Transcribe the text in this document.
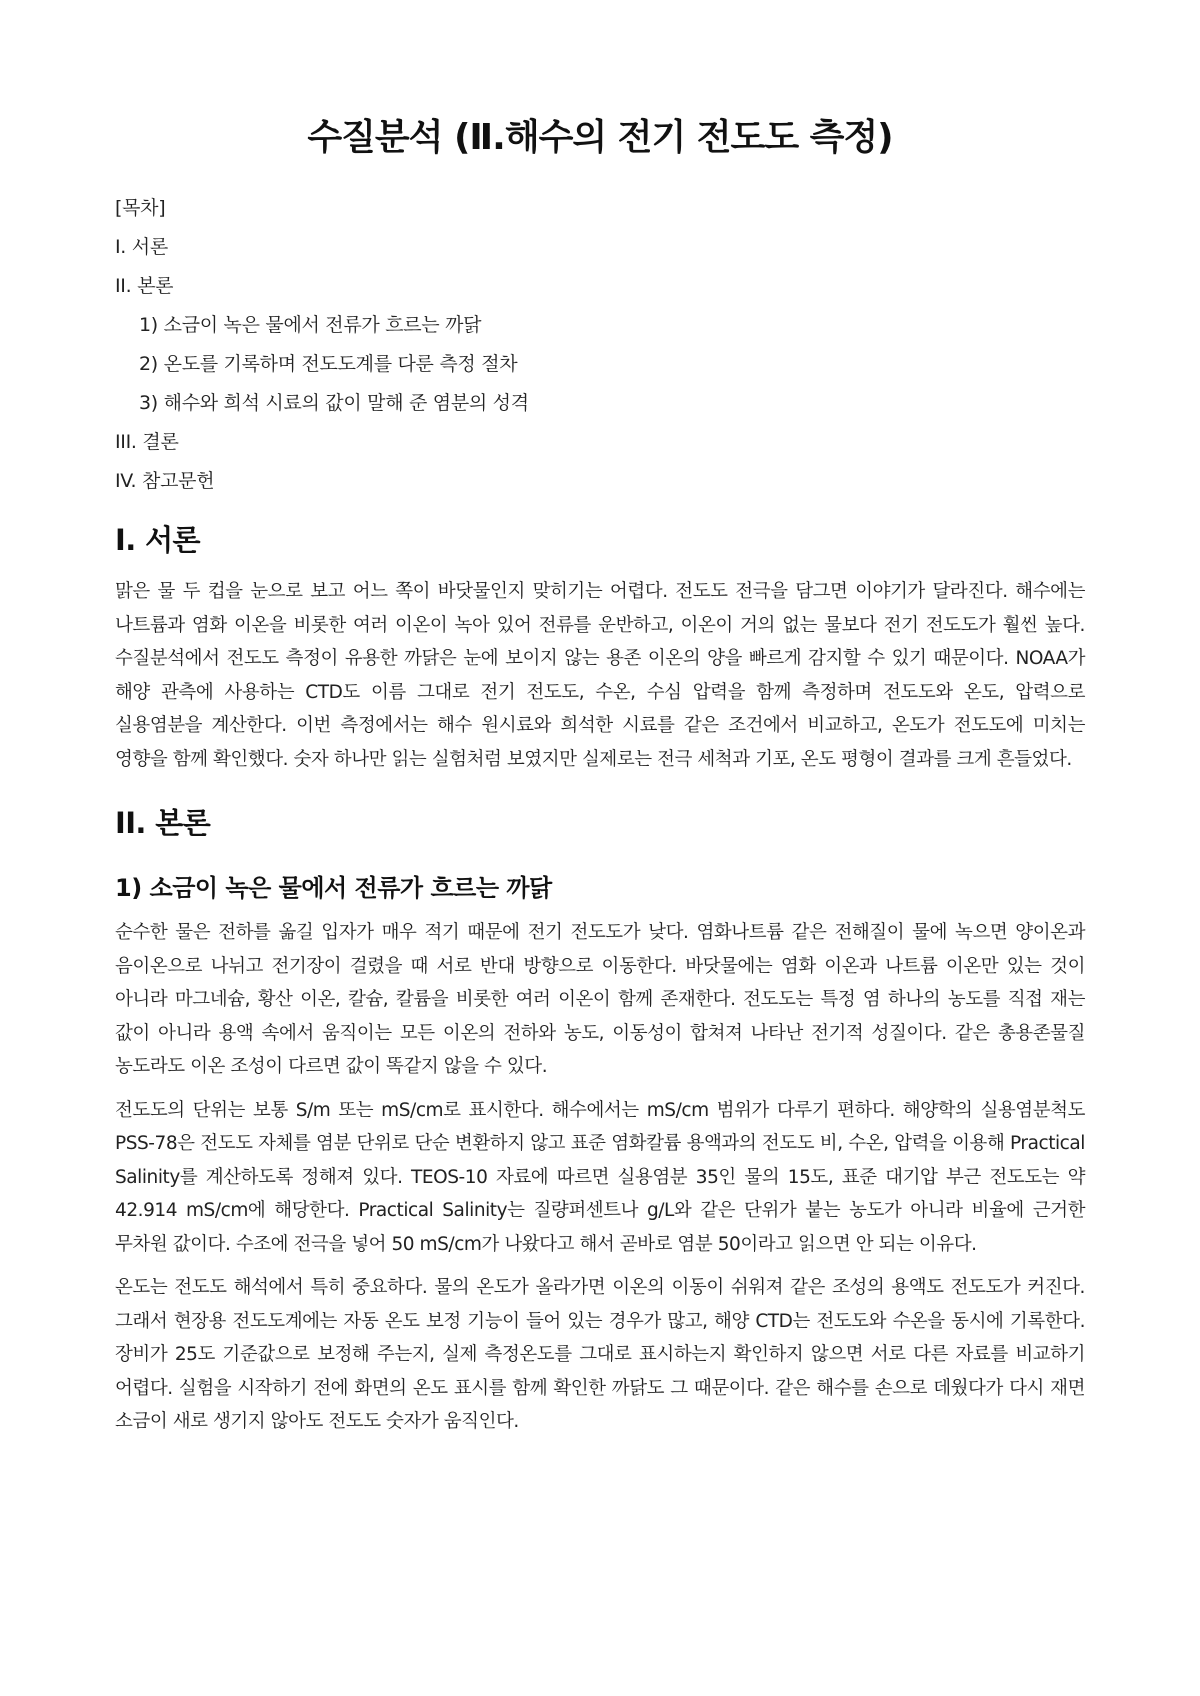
수질분석 (Ⅱ.해수의 전기 전도도 측정)
[목차]
I. 서론
II. 본론
1) 소금이 녹은 물에서 전류가 흐르는 까닭
2) 온도를 기록하며 전도도계를 다룬 측정 절차
3) 해수와 희석 시료의 값이 말해 준 염분의 성격
III. 결론
IV. 참고문헌
I. 서론

맑은 물 두 컵을 눈으로 보고 어느 쪽이 바닷물인지 맞히기는 어렵다. 전도도 전극을 담그면 이야기가 달라진다. 해수에는 나트륨과 염화 이온을 비롯한 여러 이온이 녹아 있어 전류를 운반하고, 이온이 거의 없는 물보다 전기 전도도가 훨씬 높다. 수질분석에서 전도도 측정이 유용한 까닭은 눈에 보이지 않는 용존 이온의 양을 빠르게 감지할 수 있기 때문이다. NOAA가 해양 관측에 사용하는 CTD도 이름 그대로 전기 전도도, 수온, 수심 압력을 함께 측정하며 전도도와 온도, 압력으로 실용염분을 계산한다. 이번 측정에서는 해수 원시료와 희석한 시료를 같은 조건에서 비교하고, 온도가 전도도에 미치는 영향을 함께 확인했다. 숫자 하나만 읽는 실험처럼 보였지만 실제로는 전극 세척과 기포, 온도 평형이 결과를 크게 흔들었다.

II. 본론
1) 소금이 녹은 물에서 전류가 흐르는 까닭

순수한 물은 전하를 옮길 입자가 매우 적기 때문에 전기 전도도가 낮다. 염화나트륨 같은 전해질이 물에 녹으면 양이온과 음이온으로 나뉘고 전기장이 걸렸을 때 서로 반대 방향으로 이동한다. 바닷물에는 염화 이온과 나트륨 이온만 있는 것이 아니라 마그네슘, 황산 이온, 칼슘, 칼륨을 비롯한 여러 이온이 함께 존재한다. 전도도는 특정 염 하나의 농도를 직접 재는 값이 아니라 용액 속에서 움직이는 모든 이온의 전하와 농도, 이동성이 합쳐져 나타난 전기적 성질이다. 같은 총용존물질 농도라도 이온 조성이 다르면 값이 똑같지 않을 수 있다.

전도도의 단위는 보통 S/m 또는 mS/cm로 표시한다. 해수에서는 mS/cm 범위가 다루기 편하다. 해양학의 실용염분척도 PSS-78은 전도도 자체를 염분 단위로 단순 변환하지 않고 표준 염화칼륨 용액과의 전도도 비, 수온, 압력을 이용해 Practical Salinity를 계산하도록 정해져 있다. TEOS-10 자료에 따르면 실용염분 35인 물의 15도, 표준 대기압 부근 전도도는 약 42.914 mS/cm에 해당한다. Practical Salinity는 질량퍼센트나 g/L와 같은 단위가 붙는 농도가 아니라 비율에 근거한 무차원 값이다. 수조에 전극을 넣어 50 mS/cm가 나왔다고 해서 곧바로 염분 50이라고 읽으면 안 되는 이유다.

온도는 전도도 해석에서 특히 중요하다. 물의 온도가 올라가면 이온의 이동이 쉬워져 같은 조성의 용액도 전도도가 커진다. 그래서 현장용 전도도계에는 자동 온도 보정 기능이 들어 있는 경우가 많고, 해양 CTD는 전도도와 수온을 동시에 기록한다. 장비가 25도 기준값으로 보정해 주는지, 실제 측정온도를 그대로 표시하는지 확인하지 않으면 서로 다른 자료를 비교하기 어렵다. 실험을 시작하기 전에 화면의 온도 표시를 함께 확인한 까닭도 그 때문이다. 같은 해수를 손으로 데웠다가 다시 재면 소금이 새로 생기지 않아도 전도도 숫자가 움직인다.
